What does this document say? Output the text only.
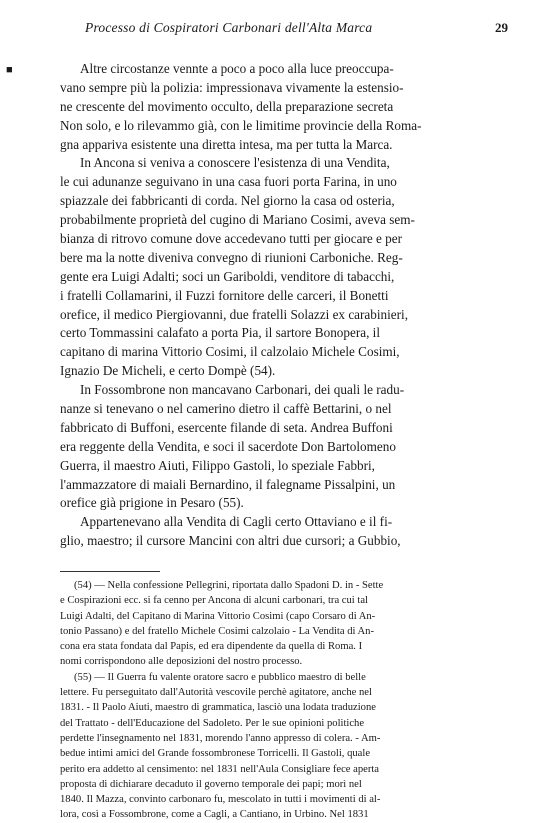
Processo di Cospiratori Carbonari dell'Alta Marca	29
■	Altre circostanze vennte a poco a poco alla luce preoccupa-
vano sempre più la polizia: impressionava vivamente la estensio-
ne crescente del movimento occulto, della preparazione secreta
Non solo, e lo rilevammo già, con le limitime provincie della Roma-
gna appariva esistente una diretta intesa, ma per tutta la Marca.
In Ancona si veniva a conoscere l'esistenza di una Vendita,
le cui adunanze seguivano in una casa fuori porta Farina, in uno
spiazzale dei fabbricanti di corda. Nel giorno la casa od osteria,
probabilmente proprietà del cugino di Mariano Cosimi, aveva sem-
bianza di ritrovo comune dove accedevano tutti per giocare e per
bere ma la notte diveniva convegno di riunioni Carboniche. Reg-
gente era Luigi Adalti; soci un Gariboldi, venditore di tabacchi,
i fratelli Collamarini, il Fuzzi fornitore delle carceri, il Bonetti
orefice, il medico Piergiovanni, due fratelli Solazzi ex carabinieri,
certo Tommassini calafato a porta Pia, il sartore Bonopera, il
capitano di marina Vittorio Cosimi, il calzolaio Michele Cosimi,
Ignazio De Micheli, e certo Dompè (54).
In Fossombrone non mancavano Carbonari, dei quali le radu-
nanze si tenevano o nel camerino dietro il caffè Bettarini, o nel
fabbricato di Buffoni, esercente filande di seta. Andrea Buffoni
era reggente della Vendita, e soci il sacerdote Don Bartolomeno
Guerra, il maestro Aiuti, Filippo Gastoli, lo speziale Fabbri,
l'ammazzatore di maiali Bernardino, il falegname Pissalpini, un
orefice già prigione in Pesaro (55).
Appartenevano alla Vendita di Cagli certo Ottaviano e il fi-
glio, maestro; il cursore Mancini con altri due cursori; a Gubbio,
(54) — Nella confessione Pellegrini, riportata dallo Spadoni D. in - Sette
e Cospirazioni ecc. si fa cenno per Ancona di alcuni carbonari, tra cui tal
Luigi Adalti, del Capitano di Marina Vittorio Cosimi (capo Corsaro di An-
tonio Passano) e del fratello Michele Cosimi calzolaio - La Vendita di An-
cona era stata fondata dal Papis, ed era dipendente da quella di Roma. I
nomi corrispondono alle deposizioni del nostro processo.
(55) — Il Guerra fu valente oratore sacro e pubblico maestro di belle
lettere. Fu perseguitato dall'Autorità vescovile perchè agitatore, anche nel
1831. - Il Paolo Aiuti, maestro di grammatica, lasciò una lodata traduzione
del Trattato - dell'Educazione del Sadoleto. Per le sue opinioni politiche
perdette l'insegnamento nel 1831, morendo l'anno appresso di colera. - Am-
bedue intimi amici del Grande fossombronese Torricelli. Il Gastoli, quale
perito era addetto al censimento: nel 1831 nell'Aula Consigliare fece aperta
proposta di dichiarare decaduto il governo temporale dei papi; morì nel
1840. Il Mazza, convinto carbonaro fu, mescolato in tutti i movimenti di al-
lora, così a Fossombrone, come a Cagli, a Cantiano, in Urbino. Nel 1831
